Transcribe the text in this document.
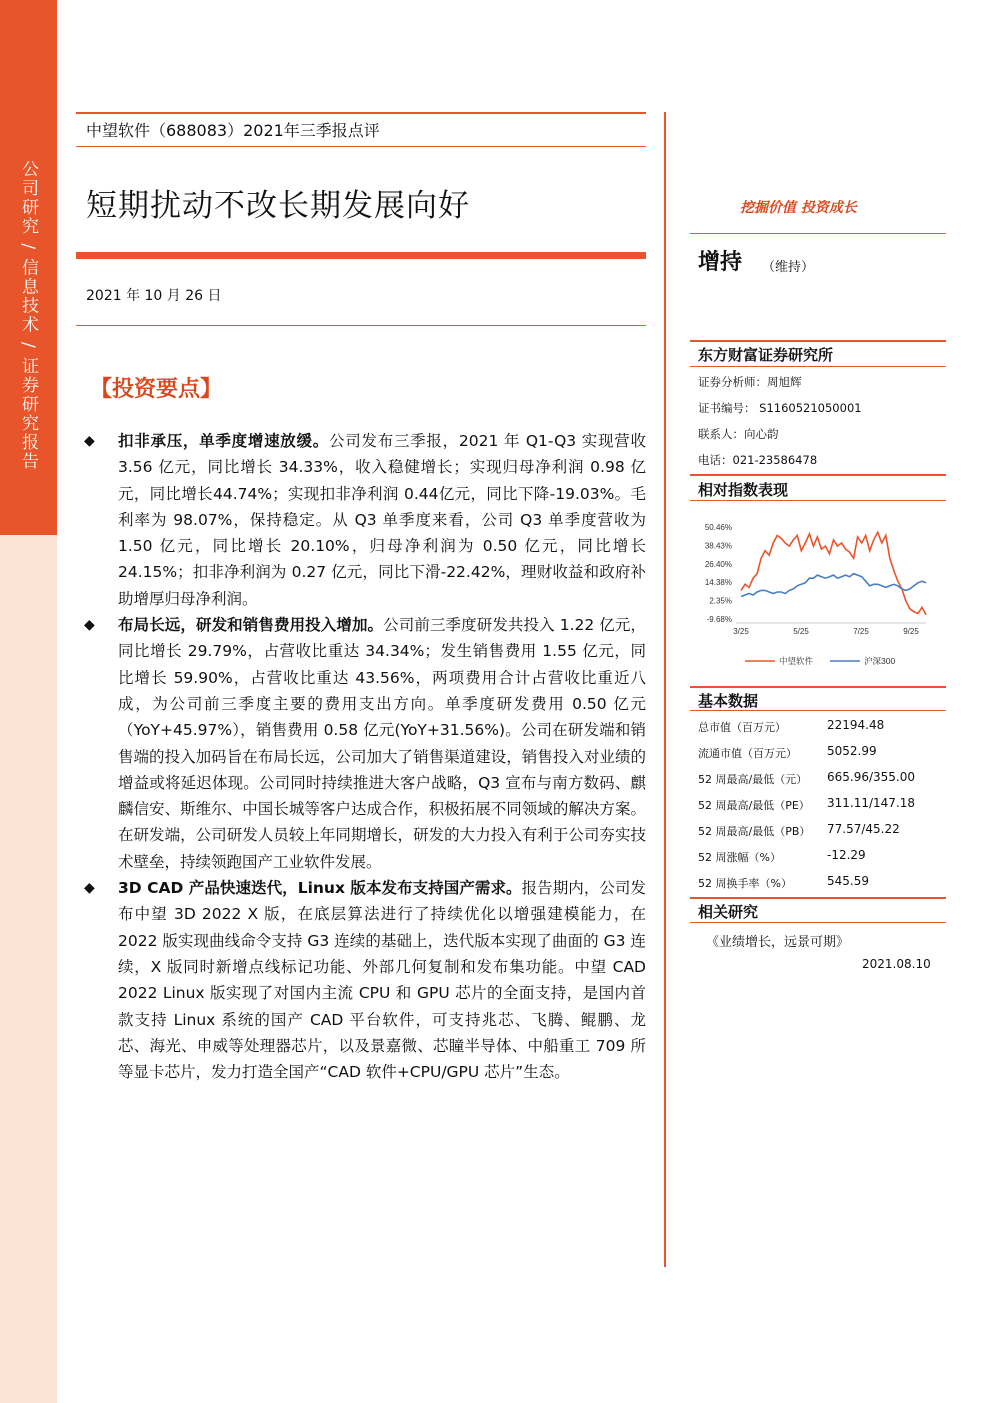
公司研究 / 信息技术 / 证券研究报告
中望软件（688083）2021年三季报点评
短期扰动不改长期发展向好
2021 年 10 月 26 日
【投资要点】
◆	扣非承压，单季度增速放缓。公司发布三季报，2021 年 Q1-Q3 实现营收 3.56 亿元，同比增长 34.33%，收入稳健增长；实现归母净利润 0.98 亿元，同比增长44.74%；实现扣非净利润 0.44亿元，同比下降-19.03%。毛利率为 98.07%，保持稳定。从 Q3 单季度来看，公司 Q3 单季度营收为 1.50 亿元，同比增长 20.10%，归母净利润为 0.50 亿元，同比增长 24.15%；扣非净利润为 0.27 亿元，同比下滑-22.42%，理财收益和政府补助增厚归母净利润。
◆	布局长远，研发和销售费用投入增加。公司前三季度研发共投入 1.22 亿元，同比增长 29.79%，占营收比重达 34.34%；发生销售费用 1.55 亿元，同比增长 59.90%，占营收比重达 43.56%，两项费用合计占营收比重近八成，为公司前三季度主要的费用支出方向。单季度研发费用 0.50 亿元（YoY+45.97%），销售费用 0.58 亿元(YoY+31.56%)。公司在研发端和销售端的投入加码旨在布局长远，公司加大了销售渠道建设，销售投入对业绩的增益或将延迟体现。公司同时持续推进大客户战略，Q3 宣布与南方数码、麒麟信安、斯维尔、中国长城等客户达成合作，积极拓展不同领域的解决方案。在研发端，公司研发人员较上年同期增长，研发的大力投入有利于公司夯实技术壁垒，持续领跑国产工业软件发展。
◆	3D CAD 产品快速迭代，Linux 版本发布支持国产需求。报告期内，公司发布中望 3D 2022 X 版，在底层算法进行了持续优化以增强建模能力，在 2022 版实现曲线命令支持 G3 连续的基础上，迭代版本实现了曲面的 G3 连续，X 版同时新增点线标记功能、外部几何复制和发布集功能。中望 CAD 2022 Linux 版实现了对国内主流 CPU 和 GPU 芯片的全面支持，是国内首款支持 Linux 系统的国产 CAD 平台软件，可支持兆芯、飞腾、鲲鹏、龙芯、海光、申威等处理器芯片，以及景嘉微、芯瞳半导体、中船重工 709 所等显卡芯片，发力打造全国产“CAD 软件+CPU/GPU 芯片”生态。
挖掘价值 投资成长
增持 （维持）
东方财富证券研究所
证券分析师：周旭辉
证书编号： S1160521050001
联系人：向心韵
电话：021-23586478
相对指数表现
50.46%
38.43%
26.40%
14.38%
2.35%
-9.68%
3/25	5/25	7/25	9/25
中望软件	沪深300
基本数据
总市值（百万元）	22194.48
流通市值（百万元）	5052.99
52 周最高/最低（元） 665.96/355.00
52 周最高/最低（PE） 311.11/147.18
52 周最高/最低（PB） 77.57/45.22
52 周涨幅（%）	-12.29
52 周换手率（%）	545.59
相关研究
《业绩增长，远景可期》
2021.08.10
